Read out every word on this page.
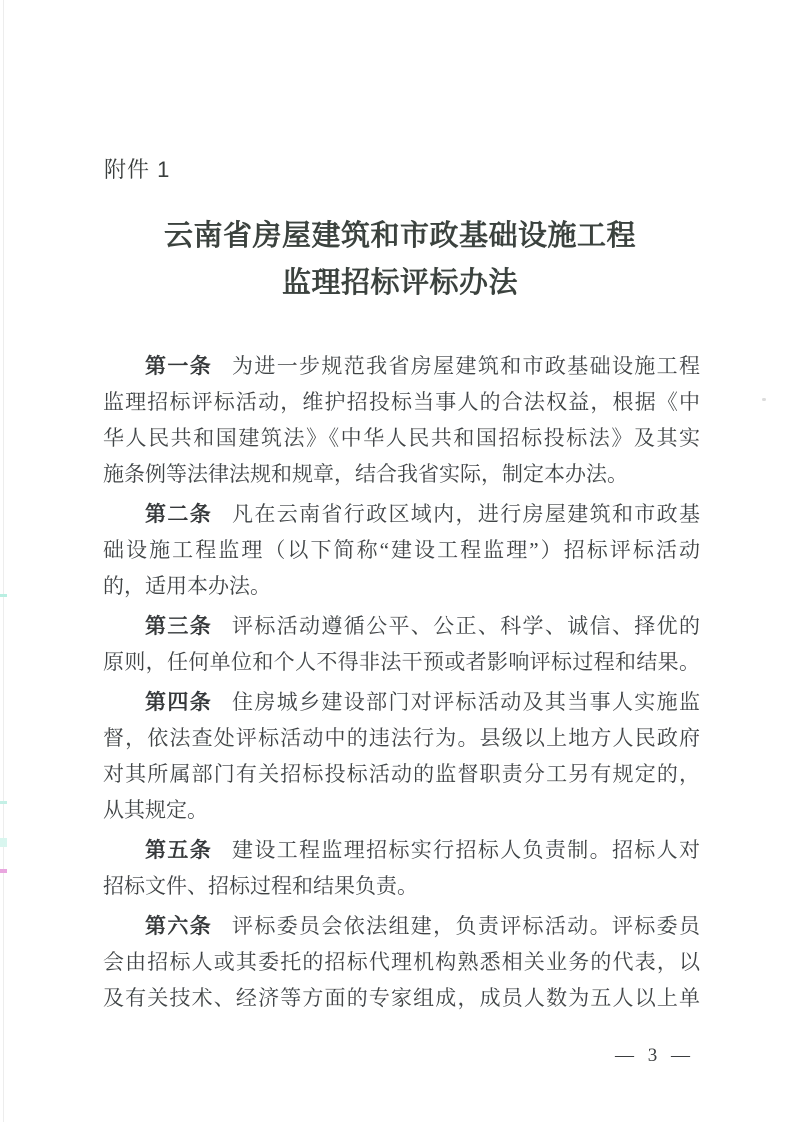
附件 1
云南省房屋建筑和市政基础设施工程
监理招标评标办法
第一条 为进一步规范我省房屋建筑和市政基础设施工程
监理招标评标活动，维护招投标当事人的合法权益，根据《中
华人民共和国建筑法》《中华人民共和国招标投标法》及其实
施条例等法律法规和规章，结合我省实际，制定本办法。
第二条 凡在云南省行政区域内，进行房屋建筑和市政基
础设施工程监理（以下简称“建设工程监理”）招标评标活动
的，适用本办法。
第三条 评标活动遵循公平、公正、科学、诚信、择优的
原则，任何单位和个人不得非法干预或者影响评标过程和结果。
第四条 住房城乡建设部门对评标活动及其当事人实施监
督，依法查处评标活动中的违法行为。县级以上地方人民政府
对其所属部门有关招标投标活动的监督职责分工另有规定的，
从其规定。
第五条 建设工程监理招标实行招标人负责制。招标人对
招标文件、招标过程和结果负责。
第六条 评标委员会依法组建，负责评标活动。评标委员
会由招标人或其委托的招标代理机构熟悉相关业务的代表，以
及有关技术、经济等方面的专家组成，成员人数为五人以上单
— 3 —
